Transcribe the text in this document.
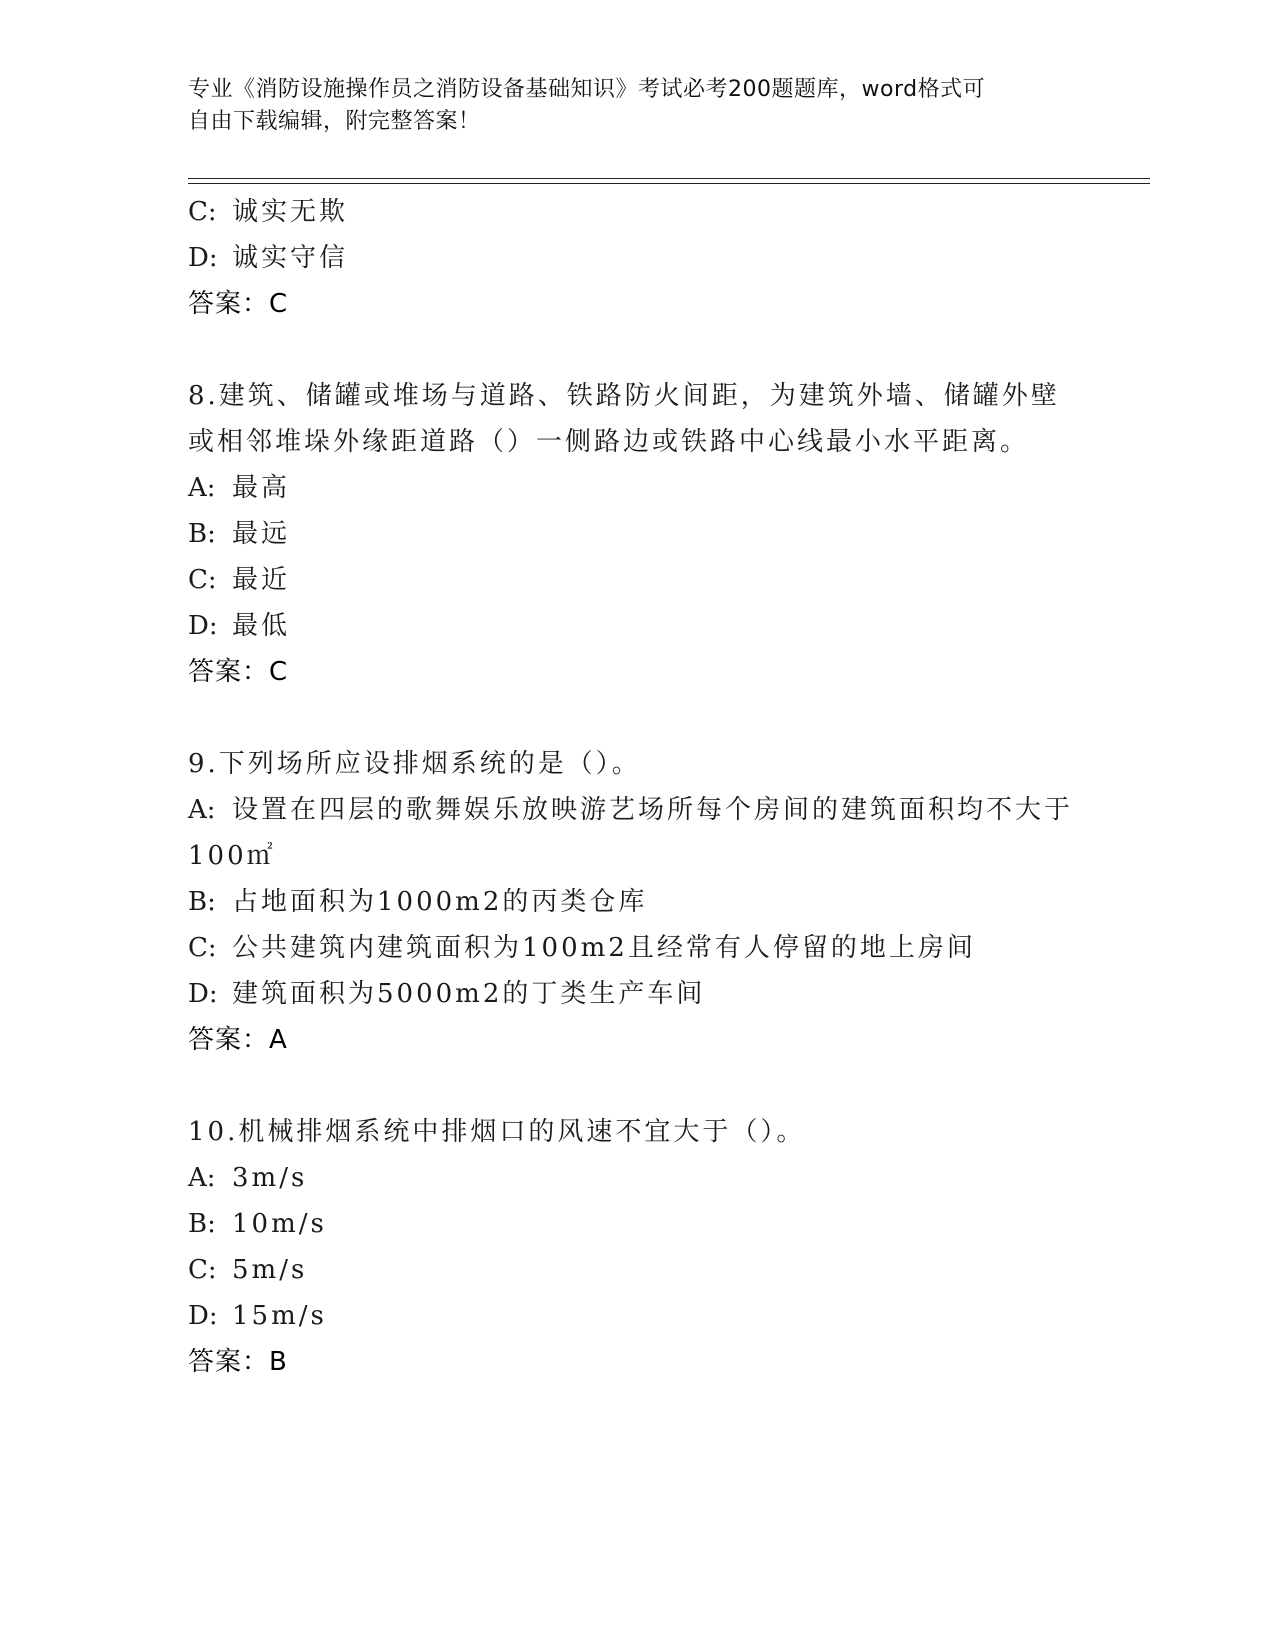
专业《消防设施操作员之消防设备基础知识》考试必考200题题库，word格式可
自由下载编辑，附完整答案！
C: 诚实无欺
D: 诚实守信
答案：C
8.建筑、储罐或堆场与道路、铁路防火间距，为建筑外墙、储罐外壁
或相邻堆垛外缘距道路（）一侧路边或铁路中心线最小水平距离。
A: 最高
B: 最远
C: 最近
D: 最低
答案：C
9.下列场所应设排烟系统的是（）。
A: 设置在四层的歌舞娱乐放映游艺场所每个房间的建筑面积均不大于
100㎡
B: 占地面积为1000m2的丙类仓库
C: 公共建筑内建筑面积为100m2且经常有人停留的地上房间
D: 建筑面积为5000m2的丁类生产车间
答案：A
10.机械排烟系统中排烟口的风速不宜大于（）。
A: 3m/s
B: 10m/s
C: 5m/s
D: 15m/s
答案：B
